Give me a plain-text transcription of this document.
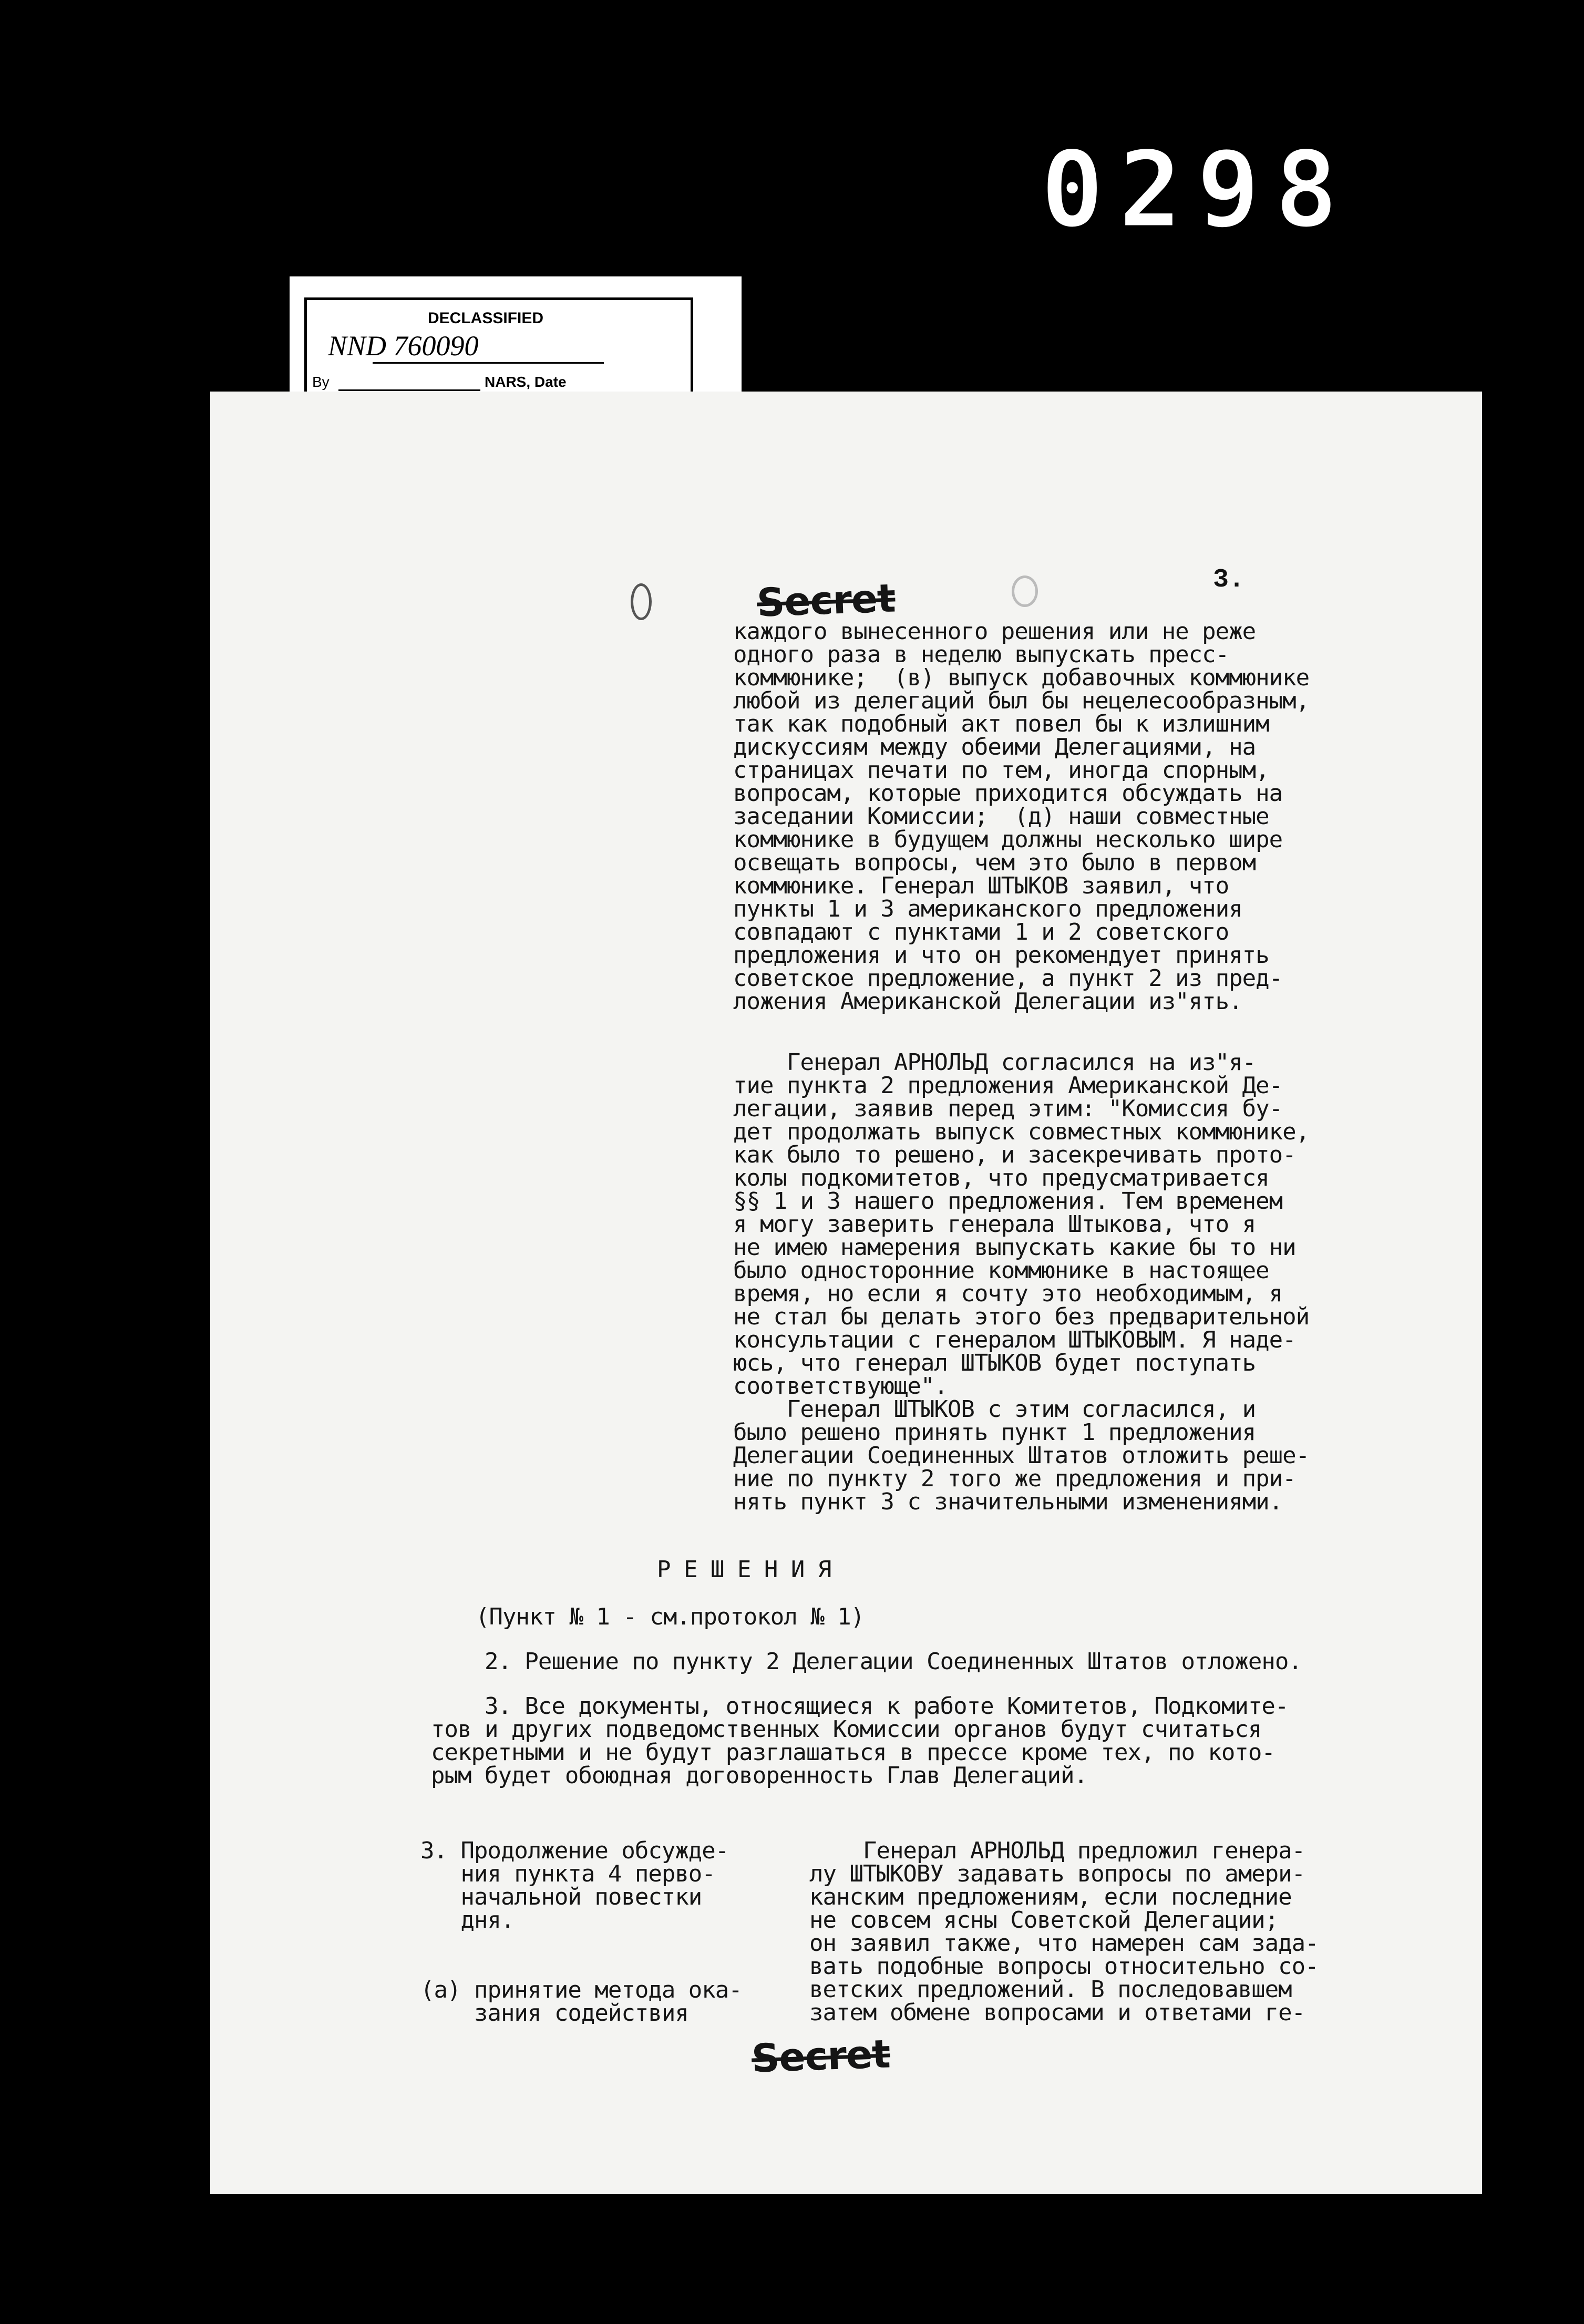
0298
DECLASSIFIED
NND 760090
By	NARS, Date
3.
Secret
каждого вынесенного решения или не реже
одного раза в неделю выпускать пресс-
коммюнике;  (в) выпуск добавочных коммюнике
любой из делегаций был бы нецелесообразным,
так как подобный акт повел бы к излишним
дискуссиям между обеими Делегациями, на
страницах печати по тем, иногда спорным,
вопросам, которые приходится обсуждать на
заседании Комиссии;  (д) наши совместные
коммюнике в будущем должны несколько шире
освещать вопросы, чем это было в первом
коммюнике. Генерал ШТЫКОВ заявил, что
пункты 1 и 3 американского предложения
совпадают с пунктами 1 и 2 советского
предложения и что он рекомендует принять
советское предложение, а пункт 2 из пред-
ложения Американской Делегации из"ять.
Генерал АРНОЛЬД согласился на из"я-
тие пункта 2 предложения Американской Де-
легации, заявив перед этим: "Комиссия бу-
дет продолжать выпуск совместных коммюнике,
как было то решено, и засекречивать прото-
колы подкомитетов, что предусматривается
§§ 1 и 3 нашего предложения. Тем временем
я могу заверить генерала Штыкова, что я
не имею намерения выпускать какие бы то ни
было односторонние коммюнике в настоящее
время, но если я сочту это необходимым, я
не стал бы делать этого без предварительной
консультации с генералом ШТЫКОВЫМ. Я наде-
юсь, что генерал ШТЫКОВ будет поступать
соответствующе".
Генерал ШТЫКОВ с этим согласился, и
было решено принять пункт 1 предложения
Делегации Соединенных Штатов отложить реше-
ние по пункту 2 того же предложения и при-
нять пункт 3 с значительными изменениями.
Р Е Ш Е Н И Я
(Пункт № 1 - см.протокол № 1)
2. Решение по пункту 2 Делегации Соединенных Штатов отложено.
3. Все документы, относящиеся к работе Комитетов, Подкомите-
тов и других подведомственных Комиссии органов будут считаться
секретными и не будут разглашаться в прессе кроме тех, по кото-
рым будет обоюдная договоренность Глав Делегаций.
3. Продолжение обсужде-
ния пункта 4 перво-
начальной повестки
дня.
(а) принятие метода ока-
зания содействия
Генерал АРНОЛЬД предложил генера-
лу ШТЫКОВУ задавать вопросы по амери-
канским предложениям, если последние
не совсем ясны Советской Делегации;
он заявил также, что намерен сам зада-
вать подобные вопросы относительно со-
ветских предложений. В последовавшем
затем обмене вопросами и ответами ге-
Secret
